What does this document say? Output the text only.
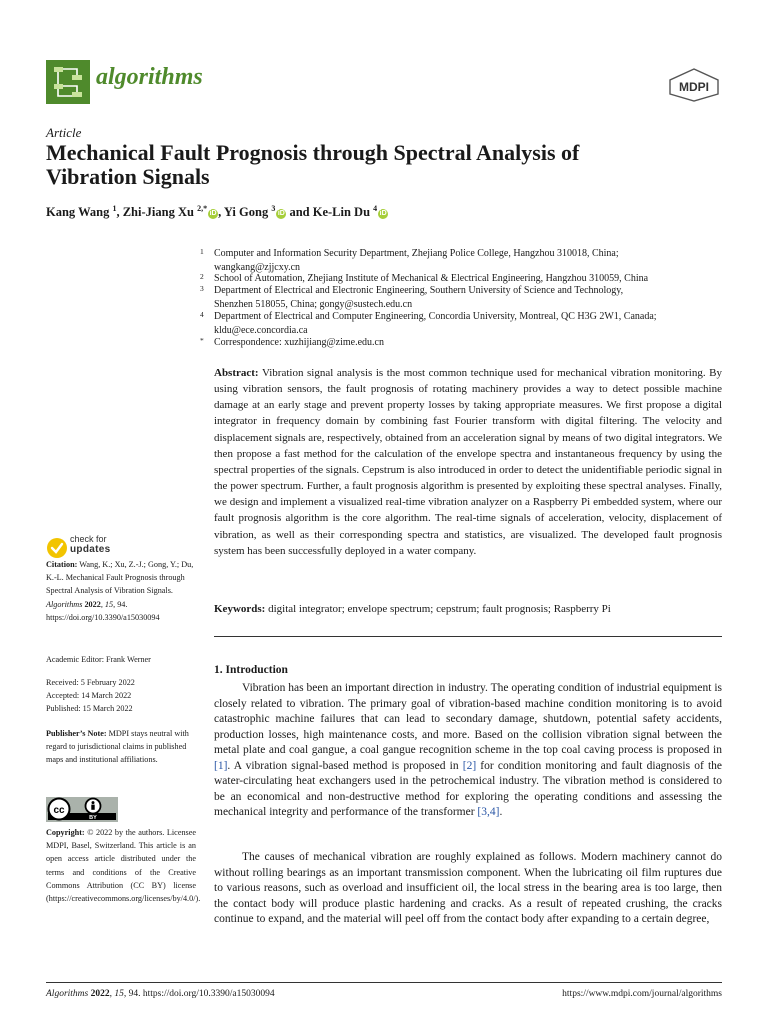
algorithms	MDPI
Article
Mechanical Fault Prognosis through Spectral Analysis of
Vibration Signals
Kang Wang $^1$, Zhi-Jiang Xu $^{2,*}$iD , Yi Gong $^3$iD and Ke-Lin Du $^4$iD
1 Computer and Information Security Department, Zhejiang Police College, Hangzhou 310018, China;
wangkang@zjjcxy.cn
2 School of Automation, Zhejiang Institute of Mechanical & Electrical Engineering, Hangzhou 310059, China
3 Department of Electrical and Electronic Engineering, Southern University of Science and Technology,
Shenzhen 518055, China; gongy@sustech.edu.cn
4 Department of Electrical and Computer Engineering, Concordia University, Montreal, QC H3G 2W1, Canada;
kldu@ece.concordia.ca
* Correspondence: xuzhijiang@zime.edu.cn
Abstract: Vibration signal analysis is the most common technique used for mechanical vibration monitoring. By using vibration sensors, the fault prognosis of rotating machinery provides a way to detect possible machine damage at an early stage and prevent property losses by taking appropriate measures. We first propose a digital integrator in frequency domain by combining fast Fourier transform with digital filtering. The velocity and displacement signals are, respectively, obtained from an acceleration signal by means of two digital integrators. We then propose a fast method for the calculation of the envelope spectra and instantaneous frequency by using the spectral properties of the signals. Cepstrum is also introduced in order to detect the unidentifiable periodic signal in the power spectrum. Further, a fault prognosis algorithm is presented by exploiting these spectral analyses. Finally, we design and implement a visualized real-time vibration analyzer on a Raspberry Pi embedded system, where our fault prognosis algorithm is the core algorithm. The real-time signals of acceleration, velocity, displacement of vibration, as well as their corresponding spectra and statistics, are visualized. The developed fault prognosis system has been successfully deployed in a water company.
Keywords: digital integrator; envelope spectrum; cepstrum; fault prognosis; Raspberry Pi
1. Introduction
Vibration has been an important direction in industry. The operating condition of industrial equipment is closely related to vibration. The primary goal of vibration-based machine condition monitoring is to avoid catastrophic machine failures that can lead to secondary damage, shutdown, potential safety accidents, production losses, high maintenance costs, and more. Based on the collision vibration signal between the metal plate and coal gangue, a coal gangue recognition scheme in the top coal caving process is proposed in [1]. A vibration signal-based method is proposed in [2] for condition monitoring and fault diagnosis of the water-circulating heat exchangers used in the petrochemical industry. The vibration method is considered to be an economical and non-destructive method for exploring the operating conditions and assessing the mechanical integrity and performance of the transformer [3,4].
The causes of mechanical vibration are roughly explained as follows. Modern machinery cannot do without rolling bearings as an important transmission component. When the lubricating oil film ruptures due to various reasons, such as overload and insufficient oil, the local stress in the bearing area is too large, then the contact body will produce plastic hardening and cracks. As a result of repeated crushing, the cracks continue to expand, and the material will peel off from the contact body after expanding to a certain degree,
check for
updates
Citation: Wang, K.; Xu, Z.-J.; Gong, Y.; Du, K.-L. Mechanical Fault Prognosis through Spectral Analysis of Vibration Signals. Algorithms 2022, 15, 94. https://doi.org/10.3390/a15030094
Academic Editor: Frank Werner
Received: 5 February 2022
Accepted: 14 March 2022
Published: 15 March 2022
Publisher’s Note: MDPI stays neutral with regard to jurisdictional claims in published maps and institutional affiliations.
cc
BY
Copyright: © 2022 by the authors. Licensee MDPI, Basel, Switzerland. This article is an open access article distributed under the terms and conditions of the Creative Commons Attribution (CC BY) license (https://creativecommons.org/licenses/by/4.0/).
Algorithms 2022, 15, 94. https://doi.org/10.3390/a15030094	https://www.mdpi.com/journal/algorithms
